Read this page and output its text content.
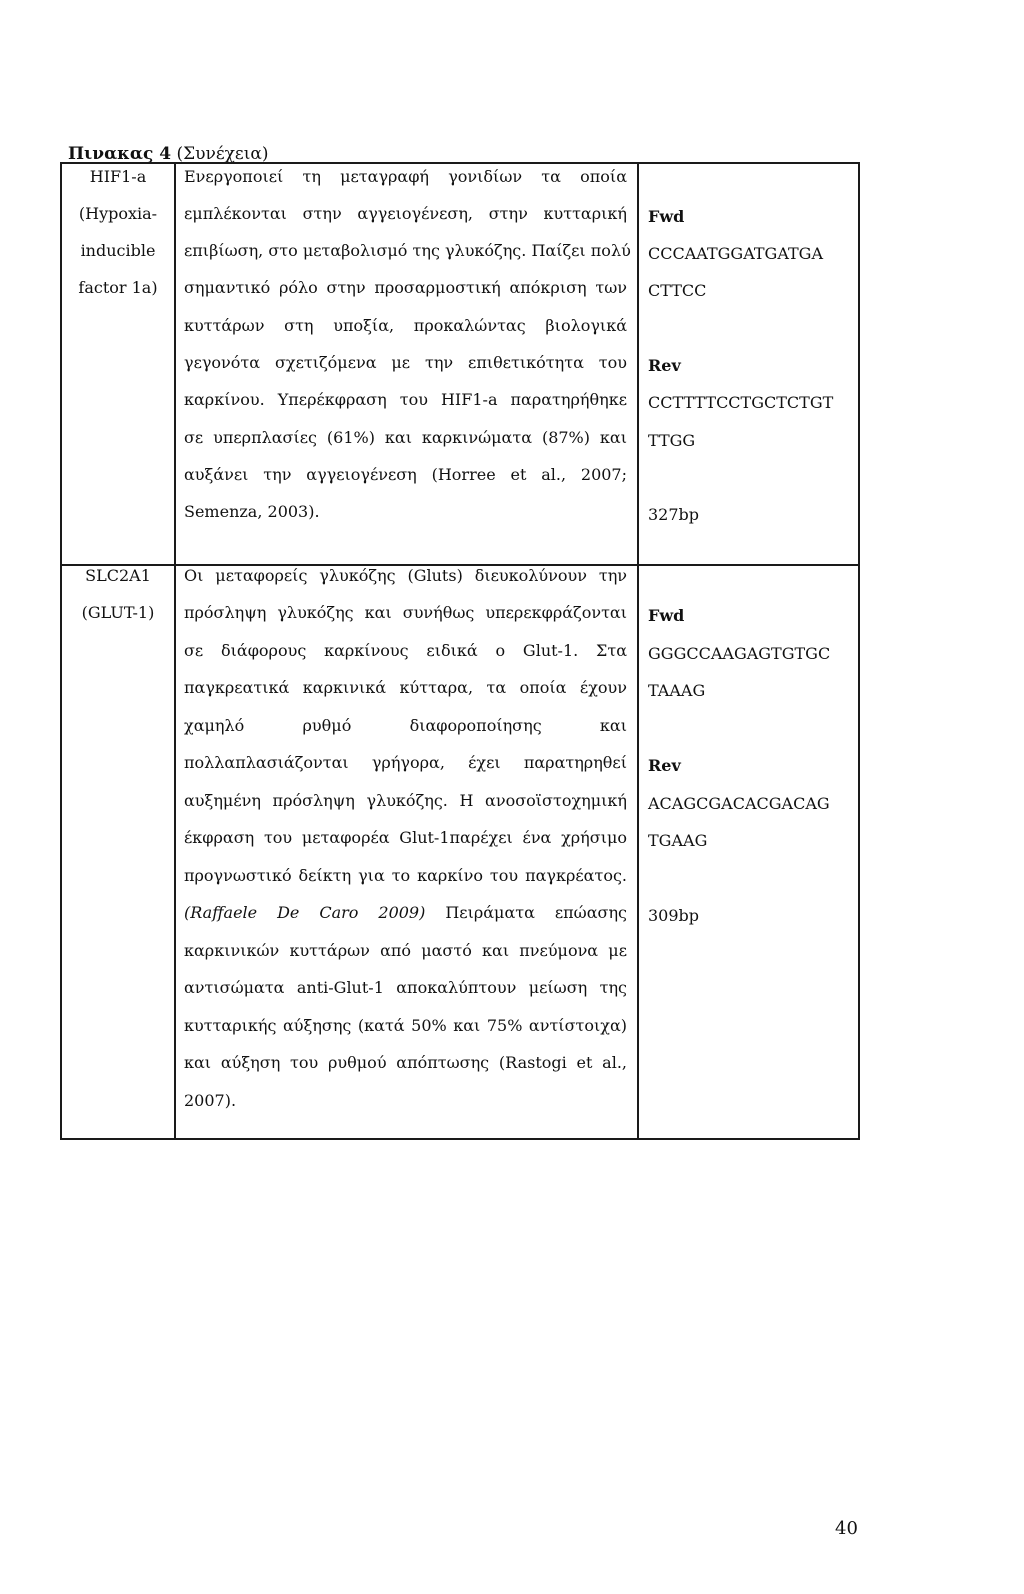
Πινακας 4 (Συνέχεια)
HIF1-a
(Hypoxia-
inducible
factor 1a)
Ενεργοποιεί τη μεταγραφή γονιδίων τα οποία
εμπλέκονται στην αγγειογένεση, στην κυτταρική
επιβίωση, στο μεταβολισμό της γλυκόζης. Παίζει πολύ
σημαντικό ρόλο στην προσαρμοστική απόκριση των
κυττάρων στη υποξία, προκαλώντας βιολογικά
γεγονότα σχετιζόμενα με την επιθετικότητα του
καρκίνου. Υπερέκφραση του HIF1-a παρατηρήθηκε
σε υπερπλασίες (61%) και καρκινώματα (87%) και
αυξάνει την αγγειογένεση (Horree et al., 2007;
Semenza, 2003).
Fwd
CCCAATGGATGATGA
CTTCC
Rev
CCTTTTCCTGCTCTGT
TTGG
327bp
SLC2A1
(GLUT-1)
Οι μεταφορείς γλυκόζης (Gluts) διευκολύνουν την
πρόσληψη γλυκόζης και συνήθως υπερεκφράζονται
σε διάφορους καρκίνους ειδικά ο Glut-1. Στα
παγκρεατικά καρκινικά κύτταρα, τα οποία έχουν
χαμηλό ρυθμό διαφοροποίησης και
πολλαπλασιάζονται γρήγορα, έχει παρατηρηθεί
αυξημένη πρόσληψη γλυκόζης. Η ανοσοϊστοχημική
έκφραση του μεταφορέα Glut-1παρέχει ένα χρήσιμο
προγνωστικό δείκτη για το καρκίνο του παγκρέατος.
(Raffaele De Caro 2009) Πειράματα επώασης
καρκινικών κυττάρων από μαστό και πνεύμονα με
αντισώματα anti-Glut-1 αποκαλύπτουν μείωση της
κυτταρικής αύξησης (κατά 50% και 75% αντίστοιχα)
και αύξηση του ρυθμού απόπτωσης (Rastogi et al.,
2007).
Fwd
GGGCCAAGAGTGTGC
TAAAG
Rev
ACAGCGACACGACAG
TGAAG
309bp
40
